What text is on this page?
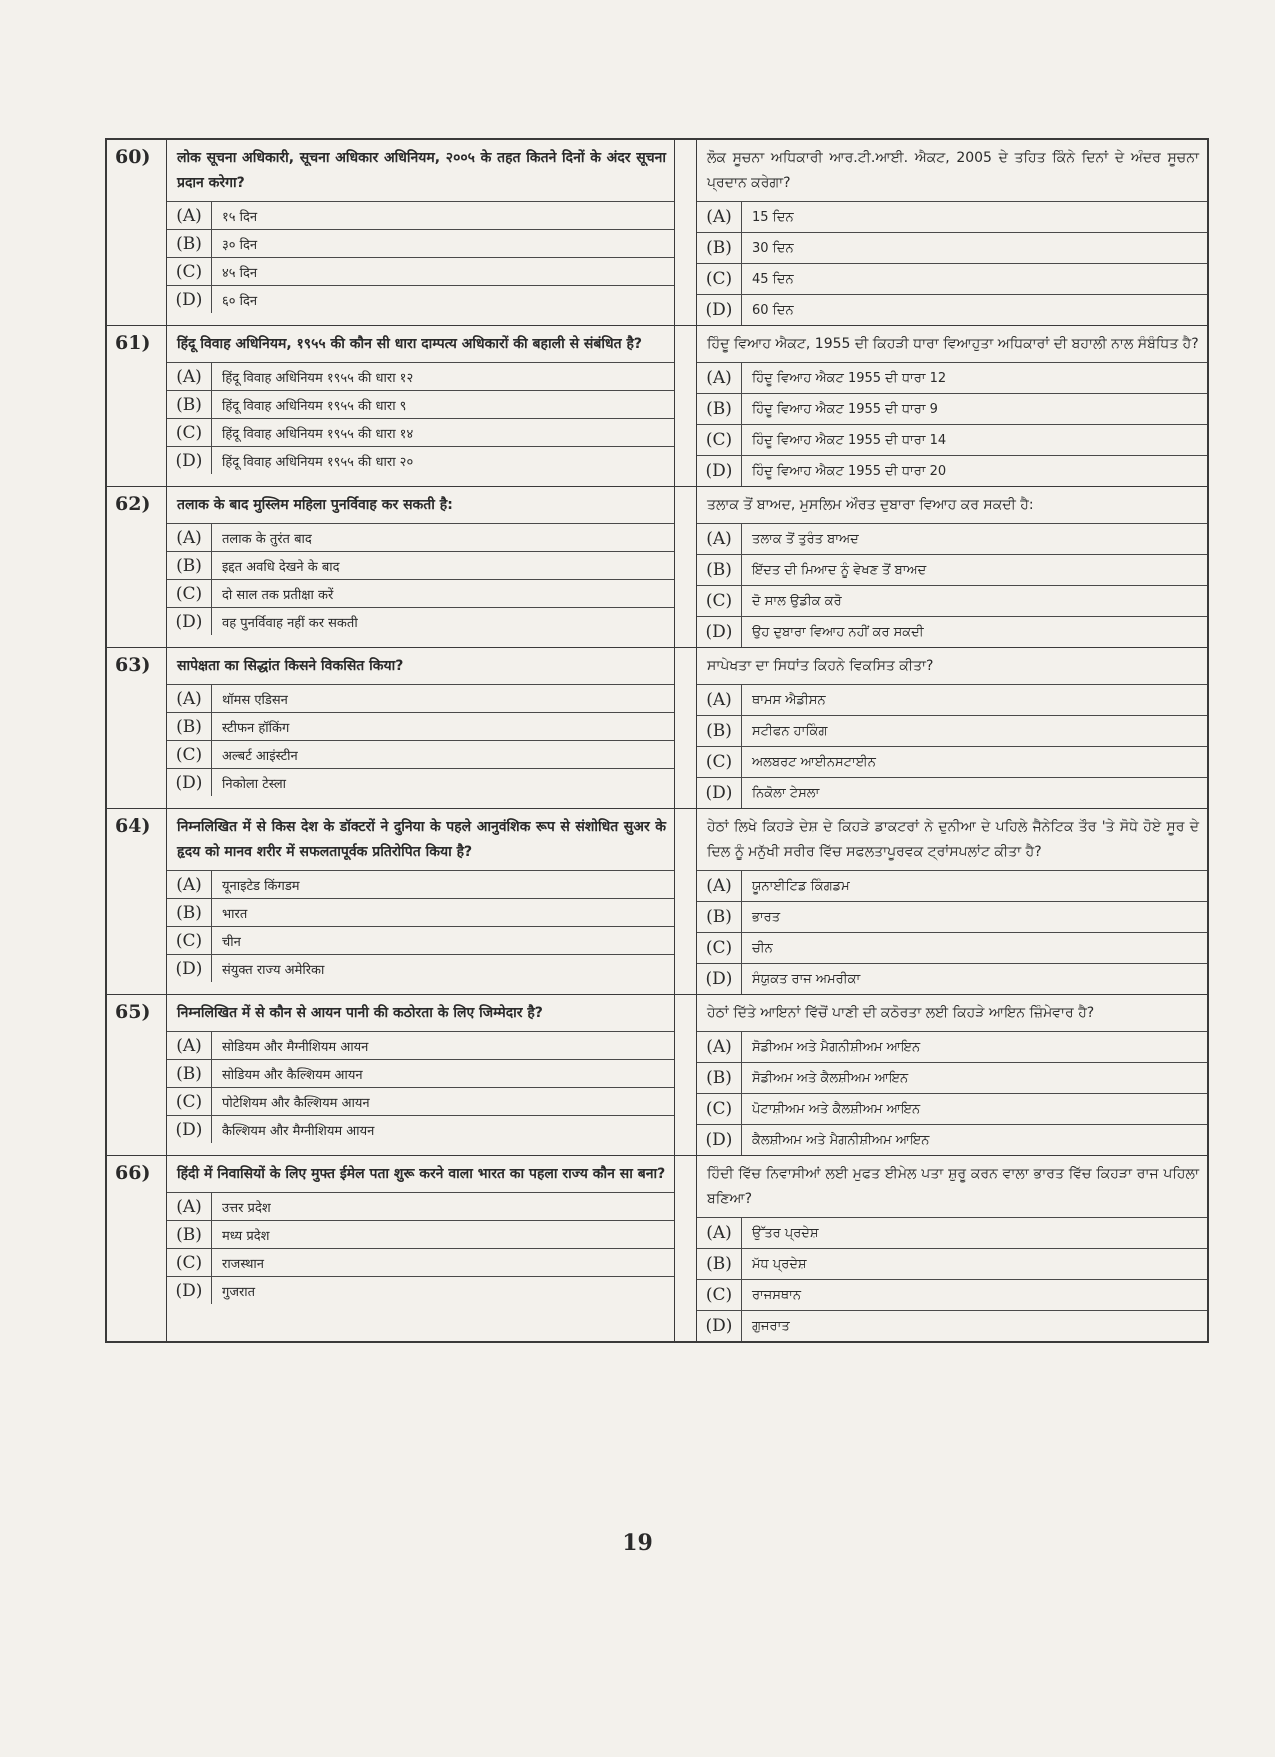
60)	लोक सूचना अधिकारी, सूचना अधिकार अधिनियम, २००५ के तहत कितने दिनों के अंदर सूचना प्रदान करेगा?
(A)	१५ दिन
(B)	३० दिन
(C)	४५ दिन
(D)	६० दिन
ਲੋਕ ਸੂਚਨਾ ਅਧਿਕਾਰੀ ਆਰ.ਟੀ.ਆਈ. ਐਕਟ, 2005 ਦੇ ਤਹਿਤ ਕਿੰਨੇ ਦਿਨਾਂ ਦੇ ਅੰਦਰ ਸੂਚਨਾ ਪ੍ਰਦਾਨ ਕਰੇਗਾ?
(A)	15 ਦਿਨ
(B)	30 ਦਿਨ
(C)	45 ਦਿਨ
(D)	60 ਦਿਨ
61)	हिंदू विवाह अधिनियम, १९५५ की कौन सी धारा दाम्पत्य अधिकारों की बहाली से संबंधित है?
(A)	हिंदू विवाह अधिनियम १९५५ की धारा १२
(B)	हिंदू विवाह अधिनियम १९५५ की धारा ९
(C)	हिंदू विवाह अधिनियम १९५५ की धारा १४
(D)	हिंदू विवाह अधिनियम १९५५ की धारा २०
ਹਿੰਦੂ ਵਿਆਹ ਐਕਟ, 1955 ਦੀ ਕਿਹੜੀ ਧਾਰਾ ਵਿਆਹੁਤਾ ਅਧਿਕਾਰਾਂ ਦੀ ਬਹਾਲੀ ਨਾਲ ਸੰਬੰਧਿਤ ਹੈ?
(A)	ਹਿੰਦੂ ਵਿਆਹ ਐਕਟ 1955 ਦੀ ਧਾਰਾ 12
(B)	ਹਿੰਦੂ ਵਿਆਹ ਐਕਟ 1955 ਦੀ ਧਾਰਾ 9
(C)	ਹਿੰਦੂ ਵਿਆਹ ਐਕਟ 1955 ਦੀ ਧਾਰਾ 14
(D)	ਹਿੰਦੂ ਵਿਆਹ ਐਕਟ 1955 ਦੀ ਧਾਰਾ 20
62)	तलाक के बाद मुस्लिम महिला पुनर्विवाह कर सकती है:
(A)	तलाक के तुरंत बाद
(B)	इद्दत अवधि देखने के बाद
(C)	दो साल तक प्रतीक्षा करें
(D)	वह पुनर्विवाह नहीं कर सकती
ਤਲਾਕ ਤੋਂ ਬਾਅਦ, ਮੁਸਲਿਮ ਔਰਤ ਦੁਬਾਰਾ ਵਿਆਹ ਕਰ ਸਕਦੀ ਹੈ:
(A)	ਤਲਾਕ ਤੋਂ ਤੁਰੰਤ ਬਾਅਦ
(B)	ਇੱਦਤ ਦੀ ਮਿਆਦ ਨੂੰ ਵੇਖਣ ਤੋਂ ਬਾਅਦ
(C)	ਦੋ ਸਾਲ ਉਡੀਕ ਕਰੋ
(D)	ਉਹ ਦੁਬਾਰਾ ਵਿਆਹ ਨਹੀਂ ਕਰ ਸਕਦੀ
63)	सापेक्षता का सिद्धांत किसने विकसित किया?
(A)	थॉमस एडिसन
(B)	स्टीफन हॉकिंग
(C)	अल्बर्ट आइंस्टीन
(D)	निकोला टेस्ला
ਸਾਪੇਖਤਾ ਦਾ ਸਿਧਾਂਤ ਕਿਹਨੇ ਵਿਕਸਿਤ ਕੀਤਾ?
(A)	ਥਾਮਸ ਐਡੀਸਨ
(B)	ਸਟੀਫਨ ਹਾਕਿੰਗ
(C)	ਅਲਬਰਟ ਆਈਨਸਟਾਈਨ
(D)	ਨਿਕੋਲਾ ਟੇਸਲਾ
64)	निम्नलिखित में से किस देश के डॉक्टरों ने दुनिया के पहले आनुवंशिक रूप से संशोधित सुअर के हृदय को मानव शरीर में सफलतापूर्वक प्रतिरोपित किया है?
(A)	यूनाइटेड किंगडम
(B)	भारत
(C)	चीन
(D)	संयुक्त राज्य अमेरिका
ਹੇਠਾਂ ਲਿਖੇ ਕਿਹੜੇ ਦੇਸ਼ ਦੇ ਕਿਹੜੇ ਡਾਕਟਰਾਂ ਨੇ ਦੁਨੀਆ ਦੇ ਪਹਿਲੇ ਜੈਨੇਟਿਕ ਤੌਰ 'ਤੇ ਸੋਧੇ ਹੋਏ ਸੂਰ ਦੇ ਦਿਲ ਨੂੰ ਮਨੁੱਖੀ ਸਰੀਰ ਵਿੱਚ ਸਫਲਤਾਪੂਰਵਕ ਟ੍ਰਾਂਸਪਲਾਂਟ ਕੀਤਾ ਹੈ?
(A)	ਯੂਨਾਈਟਿਡ ਕਿੰਗਡਮ
(B)	ਭਾਰਤ
(C)	ਚੀਨ
(D)	ਸੰਯੁਕਤ ਰਾਜ ਅਮਰੀਕਾ
65)	निम्नलिखित में से कौन से आयन पानी की कठोरता के लिए जिम्मेदार है?
(A)	सोडियम और मैग्नीशियम आयन
(B)	सोडियम और कैल्शियम आयन
(C)	पोटेशियम और कैल्शियम आयन
(D)	कैल्शियम और मैग्नीशियम आयन
ਹੇਠਾਂ ਦਿੱਤੇ ਆਇਨਾਂ ਵਿੱਚੋਂ ਪਾਣੀ ਦੀ ਕਠੋਰਤਾ ਲਈ ਕਿਹੜੇ ਆਇਨ ਜ਼ਿੰਮੇਵਾਰ ਹੈ?
(A)	ਸੋਡੀਅਮ ਅਤੇ ਮੈਗਨੀਸ਼ੀਅਮ ਆਇਨ
(B)	ਸੋਡੀਅਮ ਅਤੇ ਕੈਲਸ਼ੀਅਮ ਆਇਨ
(C)	ਪੋਟਾਸ਼ੀਅਮ ਅਤੇ ਕੈਲਸ਼ੀਅਮ ਆਇਨ
(D)	ਕੈਲਸ਼ੀਅਮ ਅਤੇ ਮੈਗਨੀਸ਼ੀਅਮ ਆਇਨ
66)	हिंदी में निवासियों के लिए मुफ्त ईमेल पता शुरू करने वाला भारत का पहला राज्य कौन सा बना?
(A)	उत्तर प्रदेश
(B)	मध्य प्रदेश
(C)	राजस्थान
(D)	गुजरात
ਹਿੰਦੀ ਵਿੱਚ ਨਿਵਾਸੀਆਂ ਲਈ ਮੁਫਤ ਈਮੇਲ ਪਤਾ ਸ਼ੁਰੂ ਕਰਨ ਵਾਲਾ ਭਾਰਤ ਵਿੱਚ ਕਿਹੜਾ ਰਾਜ ਪਹਿਲਾ ਬਣਿਆ?
(A)	ਉੱਤਰ ਪ੍ਰਦੇਸ਼
(B)	ਮੱਧ ਪ੍ਰਦੇਸ਼
(C)	ਰਾਜਸਥਾਨ
(D)	ਗੁਜਰਾਤ
19
